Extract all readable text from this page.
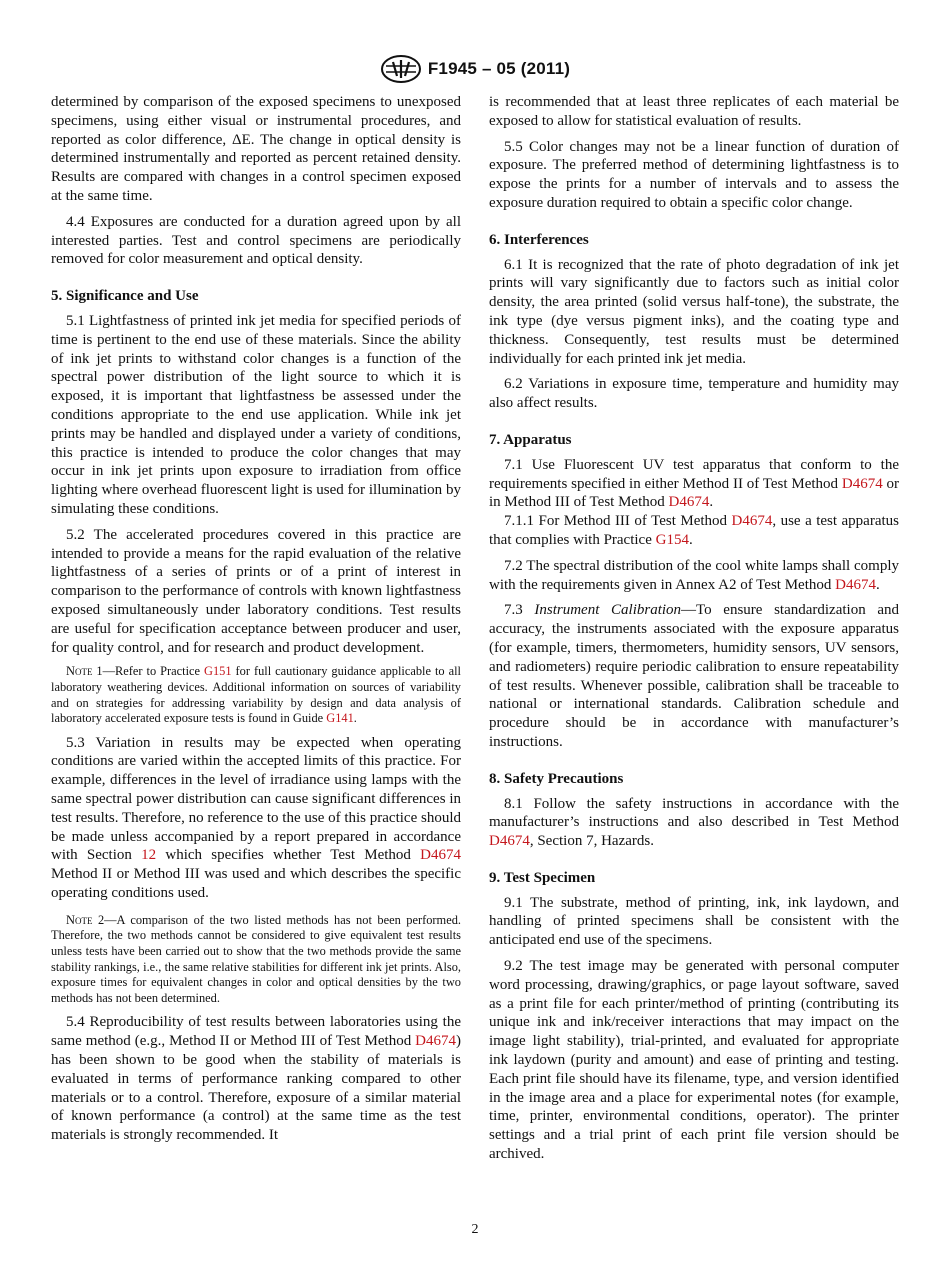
F1945 – 05 (2011)

determined by comparison of the exposed specimens to unexposed specimens, using either visual or instrumental procedures, and reported as color difference, ΔE. The change in optical density is determined instrumentally and reported as percent retained density. Results are compared with changes in a control specimen exposed at the same time.

4.4 Exposures are conducted for a duration agreed upon by all interested parties. Test and control specimens are periodically removed for color measurement and optical density.

5. Significance and Use

5.1 Lightfastness of printed ink jet media for specified periods of time is pertinent to the end use of these materials. Since the ability of ink jet prints to withstand color changes is a function of the spectral power distribution of the light source to which it is exposed, it is important that lightfastness be assessed under the conditions appropriate to the end use application. While ink jet prints may be handled and displayed under a variety of conditions, this practice is intended to produce the color changes that may occur in ink jet prints upon exposure to irradiation from office lighting where overhead fluorescent light is used for illumination by simulating these conditions.

5.2 The accelerated procedures covered in this practice are intended to provide a means for the rapid evaluation of the relative lightfastness of a series of prints or of a print of interest in comparison to the performance of controls with known lightfastness exposed simultaneously under laboratory conditions. Test results are useful for specification acceptance between producer and user, for quality control, and for research and product development.

Note 1—Refer to Practice G151 for full cautionary guidance applicable to all laboratory weathering devices. Additional information on sources of variability and on strategies for addressing variability by design and data analysis of laboratory accelerated exposure tests is found in Guide G141.

5.3 Variation in results may be expected when operating conditions are varied within the accepted limits of this practice. For example, differences in the level of irradiance using lamps with the same spectral power distribution can cause significant differences in test results. Therefore, no reference to the use of this practice should be made unless accompanied by a report prepared in accordance with Section 12 which specifies whether Test Method D4674 Method II or Method III was used and which describes the specific operating conditions used.

Note 2—A comparison of the two listed methods has not been performed. Therefore, the two methods cannot be considered to give equivalent test results unless tests have been carried out to show that the two methods provide the same stability rankings, i.e., the same relative stabilities for different ink jet prints. Also, exposure times for equivalent changes in color and optical densities by the two methods has not been determined.

5.4 Reproducibility of test results between laboratories using the same method (e.g., Method II or Method III of Test Method D4674) has been shown to be good when the stability of materials is evaluated in terms of performance ranking compared to other materials or to a control. Therefore, exposure of a similar material of known performance (a control) at the same time as the test materials is strongly recommended. It

is recommended that at least three replicates of each material be exposed to allow for statistical evaluation of results.

5.5 Color changes may not be a linear function of duration of exposure. The preferred method of determining lightfastness is to expose the prints for a number of intervals and to assess the exposure duration required to obtain a specific color change.

6. Interferences

6.1 It is recognized that the rate of photo degradation of ink jet prints will vary significantly due to factors such as initial color density, the area printed (solid versus half-tone), the substrate, the ink type (dye versus pigment inks), and the coating type and thickness. Consequently, test results must be determined individually for each printed ink jet media.

6.2 Variations in exposure time, temperature and humidity may also affect results.

7. Apparatus

7.1 Use Fluorescent UV test apparatus that conform to the requirements specified in either Method II of Test Method D4674 or in Method III of Test Method D4674.

7.1.1 For Method III of Test Method D4674, use a test apparatus that complies with Practice G154.

7.2 The spectral distribution of the cool white lamps shall comply with the requirements given in Annex A2 of Test Method D4674.

7.3 Instrument Calibration—To ensure standardization and accuracy, the instruments associated with the exposure apparatus (for example, timers, thermometers, humidity sensors, UV sensors, and radiometers) require periodic calibration to ensure repeatability of test results. Whenever possible, calibration shall be traceable to national or international standards. Calibration schedule and procedure should be in accordance with manufacturer’s instructions.

8. Safety Precautions

8.1 Follow the safety instructions in accordance with the manufacturer’s instructions and also described in Test Method D4674, Section 7, Hazards.

9. Test Specimen

9.1 The substrate, method of printing, ink, ink laydown, and handling of printed specimens shall be consistent with the anticipated end use of the specimens.

9.2 The test image may be generated with personal computer word processing, drawing/graphics, or page layout software, saved as a print file for each printer/method of printing (contributing its unique ink and ink/receiver interactions that may impact on the image light stability), trial-printed, and evaluated for appropriate ink laydown (purity and amount) and ease of printing and testing. Each print file should have its filename, type, and version identified in the image area and a place for experimental notes (for example, time, printer, environmental conditions, operator). The printer settings and a trial print of each print file version should be archived.

2
